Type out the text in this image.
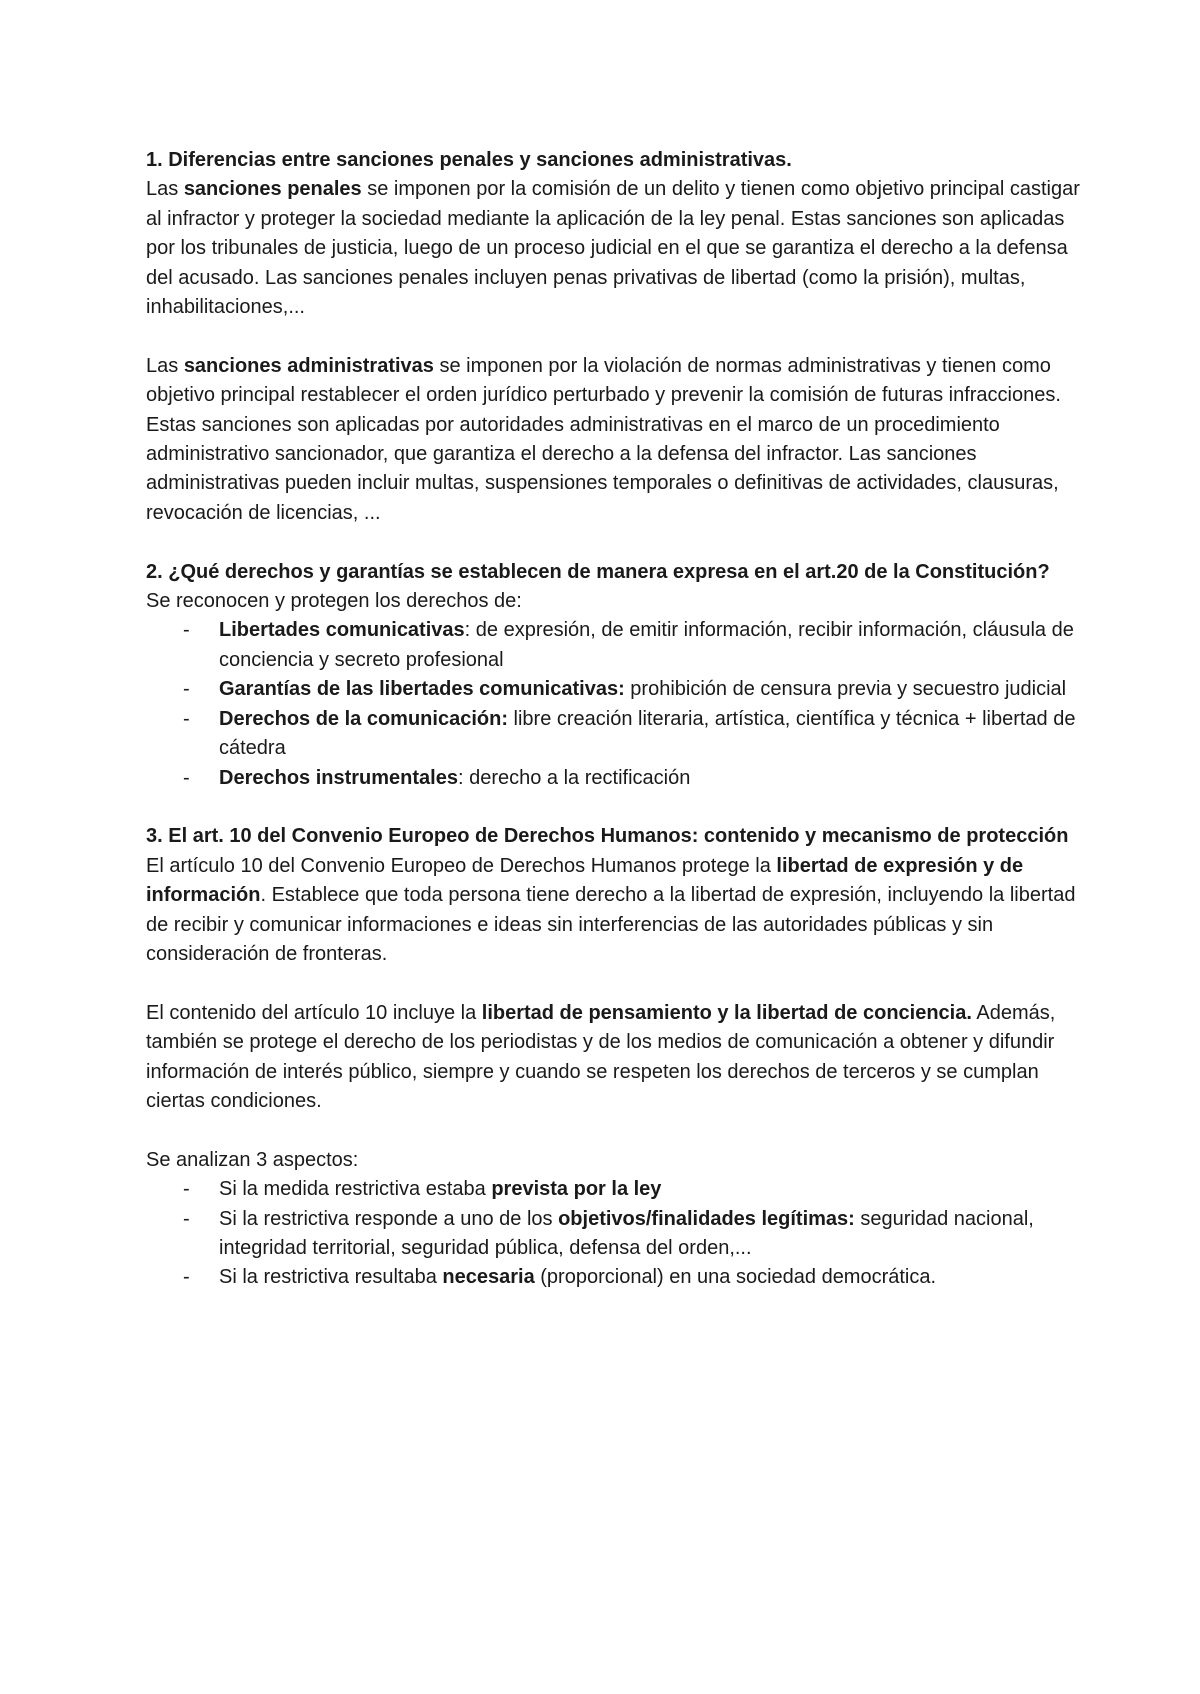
1. Diferencias entre sanciones penales y sanciones administrativas.

Las sanciones penales se imponen por la comisión de un delito y tienen como objetivo principal castigar al infractor y proteger la sociedad mediante la aplicación de la ley penal. Estas sanciones son aplicadas por los tribunales de justicia, luego de un proceso judicial en el que se garantiza el derecho a la defensa del acusado. Las sanciones penales incluyen penas privativas de libertad (como la prisión), multas, inhabilitaciones,...

Las sanciones administrativas se imponen por la violación de normas administrativas y tienen como objetivo principal restablecer el orden jurídico perturbado y prevenir la comisión de futuras infracciones. Estas sanciones son aplicadas por autoridades administrativas en el marco de un procedimiento administrativo sancionador, que garantiza el derecho a la defensa del infractor. Las sanciones administrativas pueden incluir multas, suspensiones temporales o definitivas de actividades, clausuras, revocación de licencias, ...

2. ¿Qué derechos y garantías se establecen de manera expresa en el art.20 de la Constitución?

Se reconocen y protegen los derechos de:

- Libertades comunicativas: de expresión, de emitir información, recibir información, cláusula de conciencia y secreto profesional
- Garantías de las libertades comunicativas: prohibición de censura previa y secuestro judicial
- Derechos de la comunicación: libre creación literaria, artística, científica y técnica + libertad de cátedra
- Derechos instrumentales: derecho a la rectificación

3. El art. 10 del Convenio Europeo de Derechos Humanos: contenido y mecanismo de protección

El artículo 10 del Convenio Europeo de Derechos Humanos protege la libertad de expresión y de información. Establece que toda persona tiene derecho a la libertad de expresión, incluyendo la libertad de recibir y comunicar informaciones e ideas sin interferencias de las autoridades públicas y sin consideración de fronteras.

El contenido del artículo 10 incluye la libertad de pensamiento y la libertad de conciencia. Además, también se protege el derecho de los periodistas y de los medios de comunicación a obtener y difundir información de interés público, siempre y cuando se respeten los derechos de terceros y se cumplan ciertas condiciones.

Se analizan 3 aspectos:

- Si la medida restrictiva estaba prevista por la ley
- Si la restrictiva responde a uno de los objetivos/finalidades legítimas: seguridad nacional, integridad territorial, seguridad pública, defensa del orden,...
- Si la restrictiva resultaba necesaria (proporcional) en una sociedad democrática.
